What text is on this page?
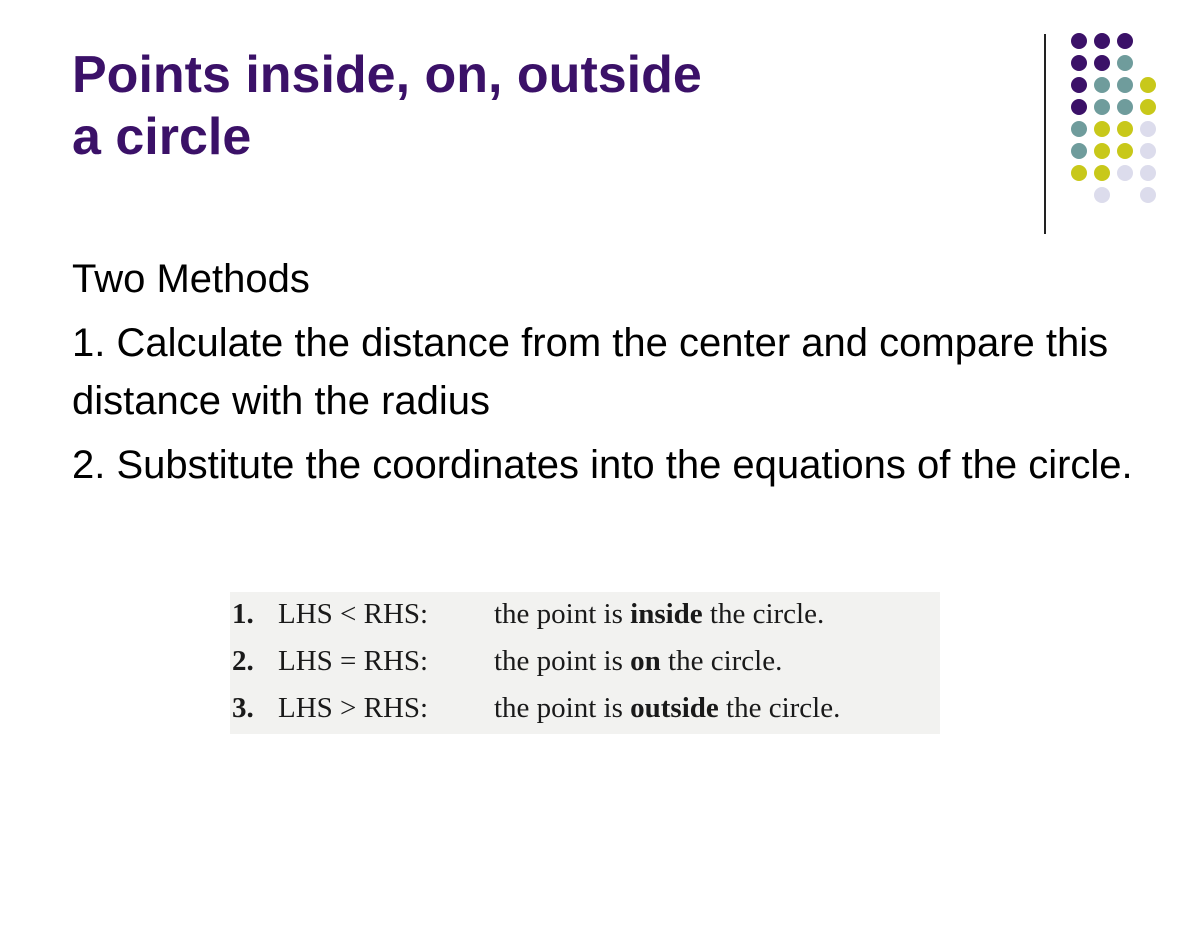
Points inside, on, outside
a circle

Two Methods

1. Calculate the distance from the center and compare this distance with the radius

2. Substitute the coordinates into the equations of the circle.

1. LHS < RHS: the point is inside the circle.
2. LHS = RHS: the point is on the circle.
3. LHS > RHS: the point is outside the circle.
